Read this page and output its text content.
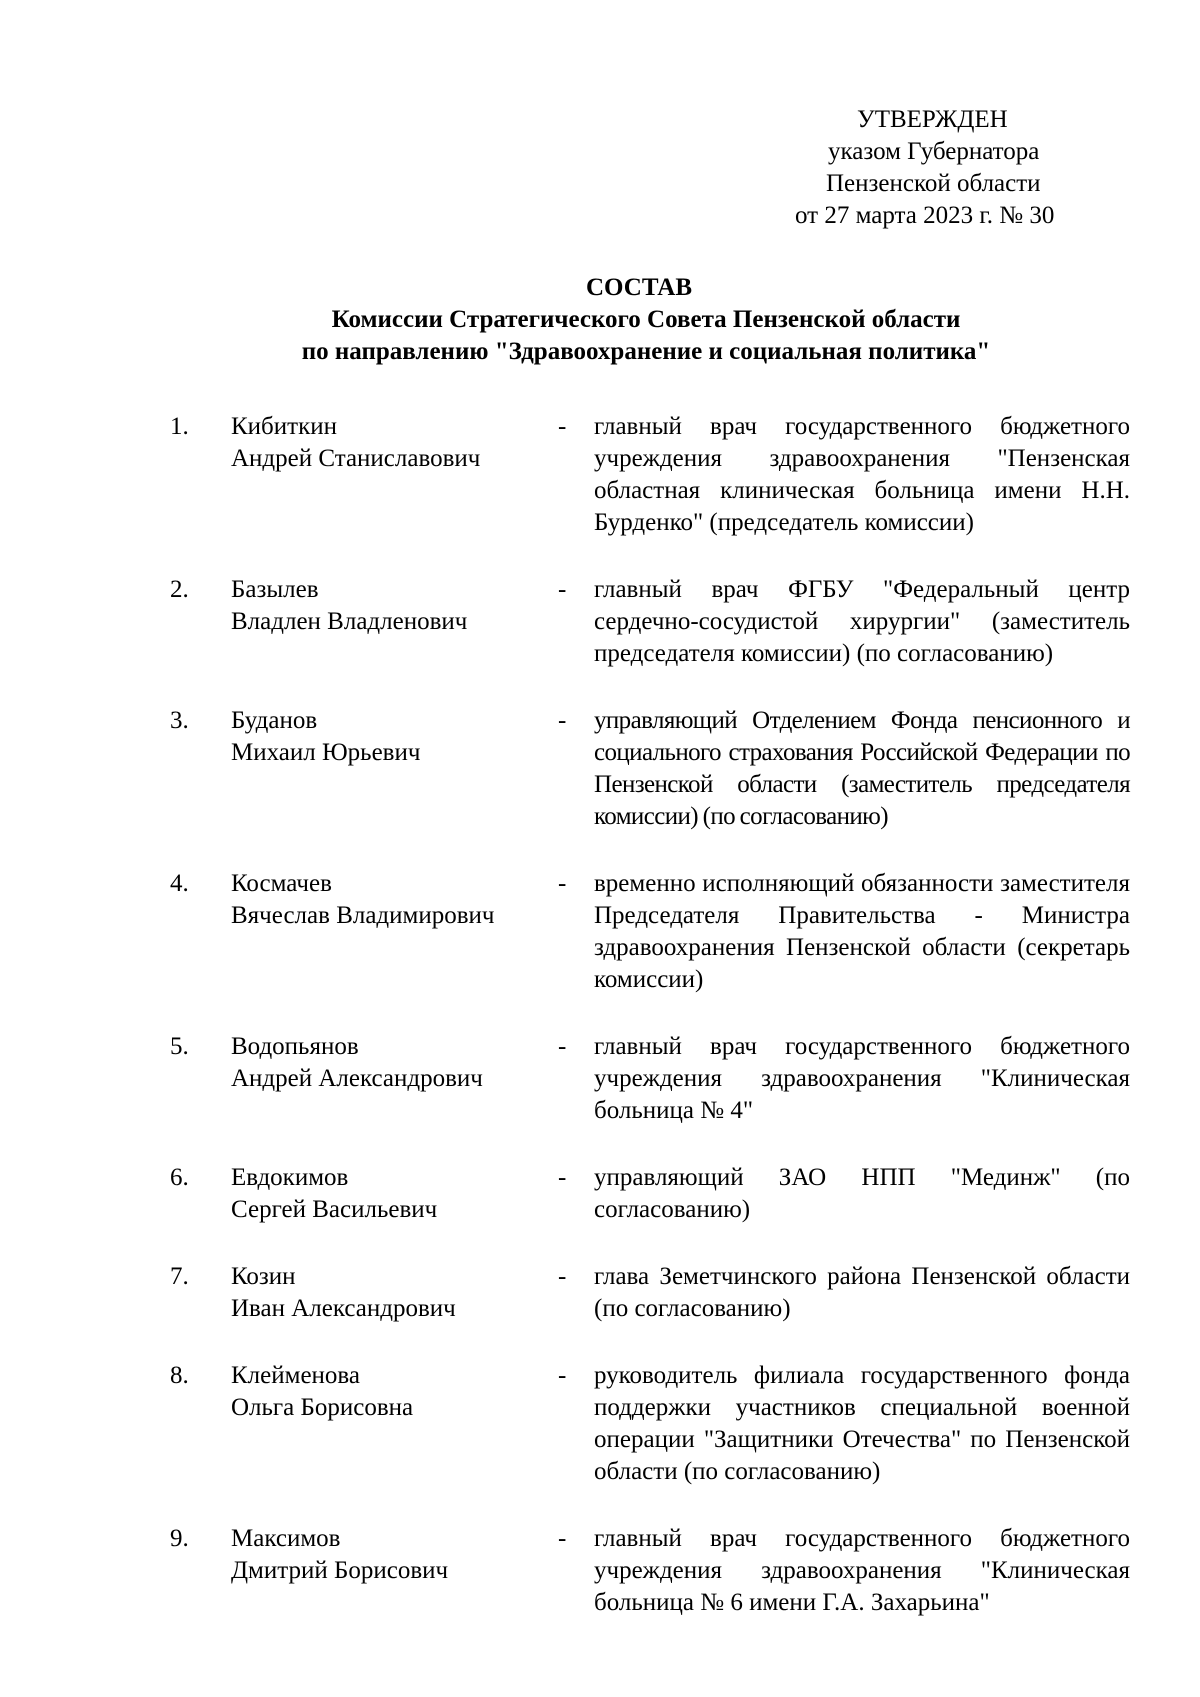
УТВЕРЖДЕН
указом Губернатора
Пензенской области
от 27 марта 2023 г. № 30
СОСТАВ
Комиссии Стратегического Совета Пензенской области
по направлению "Здравоохранение и социальная политика"
1.	Кибиткин
Андрей Станиславович
- главный врач государственного бюджетного учреждения здравоохранения "Пензенская областная клиническая больница имени Н.Н. Бурденко" (председатель комиссии)
2.	Базылев
Владлен Владленович
- главный врач ФГБУ "Федеральный центр сердечно-сосудистой хирургии" (заместитель председателя комиссии) (по согласованию)
3.	Буданов
Михаил Юрьевич
- управляющий Отделением Фонда пенсионного и социального страхования Российской Федерации по Пензенской области (заместитель председателя комиссии) (по согласованию)
4.	Космачев
Вячеслав Владимирович
- временно исполняющий обязанности заместителя Председателя Правительства - Министра здравоохранения Пензенской области (секретарь комиссии)
5.	Водопьянов
Андрей Александрович
- главный врач государственного бюджетного учреждения здравоохранения "Клиническая больница № 4"
6.	Евдокимов
Сергей Васильевич
- управляющий ЗАО НПП "Мединж" (по согласованию)
7.	Козин
Иван Александрович
- глава Земетчинского района Пензенской области (по согласованию)
8.	Клейменова
Ольга Борисовна
- руководитель филиала государственного фонда поддержки участников специальной военной операции "Защитники Отечества" по Пензенской области (по согласованию)
9.	Максимов
Дмитрий Борисович
- главный врач государственного бюджетного учреждения здравоохранения "Клиническая больница № 6 имени Г.А. Захарьина"
